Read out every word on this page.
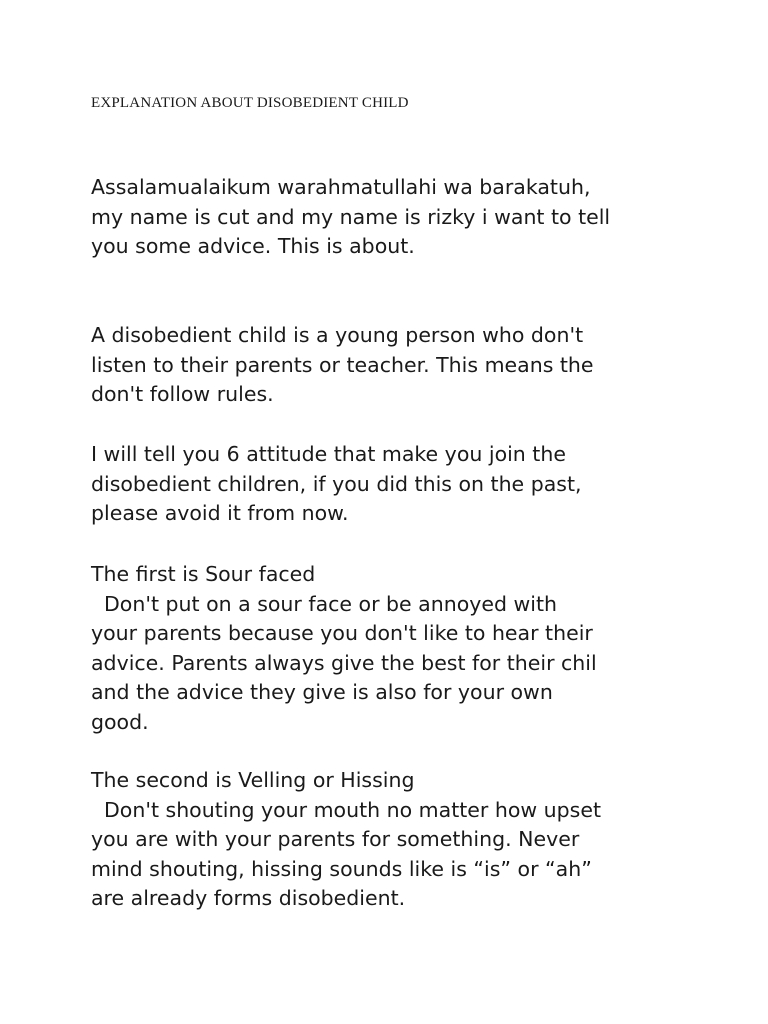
EXPLANATION ABOUT DISOBEDIENT CHILD

Assalamualaikum warahmatullahi wa barakatuh,
my name is cut and my name is rizky i want to tell
you some advice. This is about.

A disobedient child is a young person who don't
listen to their parents or teacher. This means the
don't follow rules.

I will tell you 6 attitude that make you join the
disobedient children, if you did this on the past,
please avoid it from now.

The first is Sour faced
Don't put on a sour face or be annoyed with
your parents because you don't like to hear their
advice. Parents always give the best for their chil
and the advice they give is also for your own
good.
The second is Velling or Hissing
Don't shouting your mouth no matter how upset
you are with your parents for something. Never
mind shouting, hissing sounds like is “is” or “ah”
are already forms disobedient.
